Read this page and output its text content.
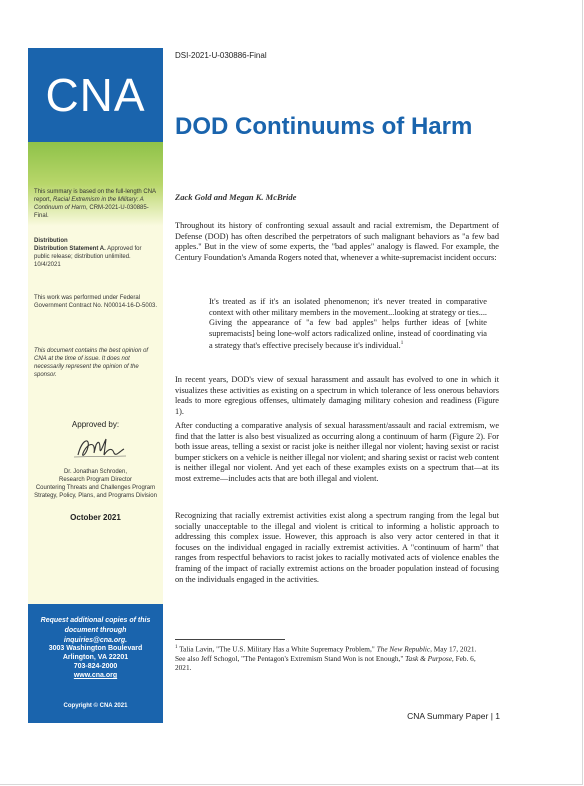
CNA
This summary is based on the full-length CNA report, Racial Extremism in the Military: A Continuum of Harm, CRM-2021-U-030885-Final.
Distribution
Distribution Statement A. Approved for public release; distribution unlimited. 10/4/2021
This work was performed under Federal Government Contract No. N00014-16-D-5003.
This document contains the best opinion of CNA at the time of issue. It does not necessarily represent the opinion of the sponsor.
Approved by:
Dr. Jonathan Schroden,
Research Program Director
Countering Threats and Challenges Program
Strategy, Policy, Plans, and Programs Division
October 2021
Request additional copies of this document through inquiries@cna.org.
3003 Washington Boulevard
Arlington, VA 22201
703-824-2000
www.cna.org
Copyright © CNA 2021
DSI-2021-U-030886-Final
DOD Continuums of Harm
Zack Gold and Megan K. McBride

Throughout its history of confronting sexual assault and racial extremism, the Department of Defense (DOD) has often described the perpetrators of such malignant behaviors as "a few bad apples." But in the view of some experts, the "bad apples" analogy is flawed. For example, the Century Foundation's Amanda Rogers noted that, whenever a white-supremacist incident occurs:

It's treated as if it's an isolated phenomenon; it's never treated in comparative context with other military members in the movement...looking at strategy or ties.... Giving the appearance of "a few bad apples" helps further ideas of [white supremacists] being lone-wolf actors radicalized online, instead of coordinating via a strategy that's effective precisely because it's individual.$^1$

In recent years, DOD's view of sexual harassment and assault has evolved to one in which it visualizes these activities as existing on a spectrum in which tolerance of less onerous behaviors leads to more egregious offenses, ultimately damaging military cohesion and readiness (Figure 1).

After conducting a comparative analysis of sexual harassment/assault and racial extremism, we find that the latter is also best visualized as occurring along a continuum of harm (Figure 2). For both issue areas, telling a sexist or racist joke is neither illegal nor violent; having sexist or racist bumper stickers on a vehicle is neither illegal nor violent; and sharing sexist or racist web content is neither illegal nor violent. And yet each of these examples exists on a spectrum that—at its most extreme—includes acts that are both illegal and violent.

Recognizing that racially extremist activities exist along a spectrum ranging from the legal but socially unacceptable to the illegal and violent is critical to informing a holistic approach to addressing this complex issue. However, this approach is also very actor centered in that it focuses on the individual engaged in racially extremist activities. A "continuum of harm" that ranges from respectful behaviors to racist jokes to racially motivated acts of violence enables the framing of the impact of racially extremist actions on the broader population instead of focusing on the individuals engaged in the activities.

$^1$ Talia Lavin, "The U.S. Military Has a White Supremacy Problem," The New Republic, May 17, 2021. See also Jeff Schogol, "The Pentagon's Extremism Stand Won is not Enough," Task & Purpose, Feb. 6, 2021.

CNA Summary Paper | 1
